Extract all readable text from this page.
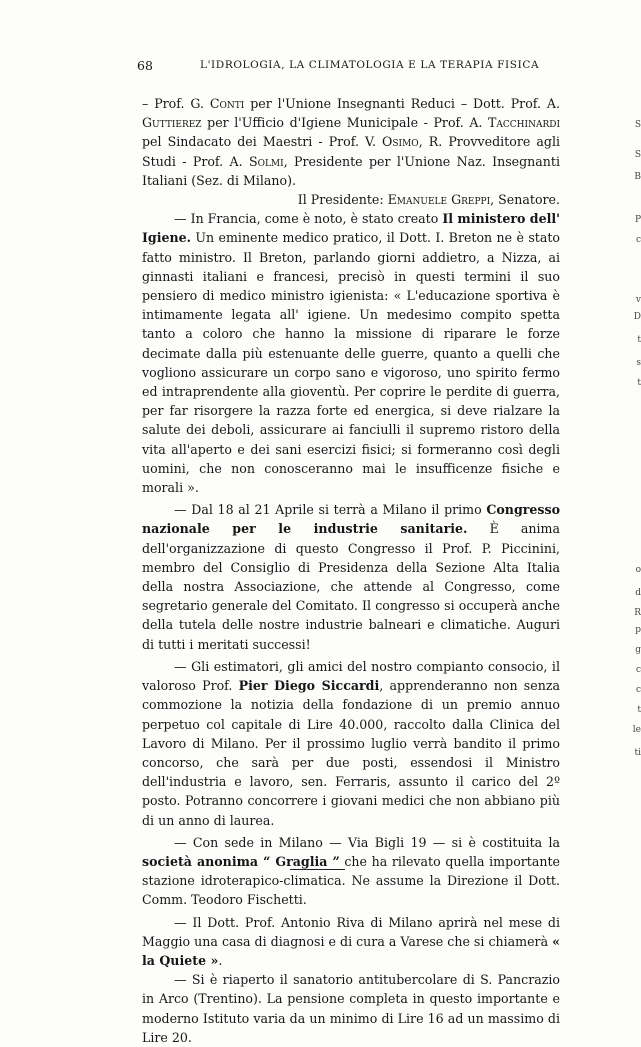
68	L'IDROLOGIA, LA CLIMATOLOGIA E LA TERAPIA FISICA

– Prof. G. Conti per l'Unione Insegnanti Reduci – Dott. Prof. A. Guttierez per l'Ufficio d'Igiene Municipale - Prof. A. Tacchinardi pel Sindacato dei Maestri - Prof. V. Osimo, R. Provveditore agli Studi - Prof. A. Solmi, Presidente per l'Unione Naz. Insegnanti Italiani (Sez. di Milano).

Il Presidente: Emanuele Greppi, Senatore.

— In Francia, come è noto, è stato creato Il ministero dell' Igiene. Un eminente medico pratico, il Dott. I. Breton ne è stato fatto ministro. Il Breton, parlando giorni addietro, a Nizza, ai ginnasti italiani e francesi, precisò in questi termini il suo pensiero di medico ministro igienista: « L'educazione sportiva è intimamente legata all' igiene. Un medesimo compito spetta tanto a coloro che hanno la missione di riparare le forze decimate dalla più estenuante delle guerre, quanto a quelli che vogliono assicurare un corpo sano e vigoroso, uno spirito fermo ed intraprendente alla gioventù. Per coprire le perdite di guerra, per far risorgere la razza forte ed energica, si deve rialzare la salute dei deboli, assicurare ai fanciulli il supremo ristoro della vita all'aperto e dei sani esercizi fisici; si formeranno così degli uomini, che non conosceranno mai le insufficenze fisiche e morali ».

— Dal 18 al 21 Aprile si terrà a Milano il primo Congresso nazionale per le industrie sanitarie. È anima dell'organizzazione di questo Congresso il Prof. P. Piccinini, membro del Consiglio di Presidenza della Sezione Alta Italia della nostra Associazione, che attende al Congresso, come segretario generale del Comitato. Il congresso si occuperà anche della tutela delle nostre industrie balneari e climatiche. Auguri di tutti i meritati successi!

— Gli estimatori, gli amici del nostro compianto consocio, il valoroso Prof. Pier Diego Siccardi, apprenderanno non senza commozione la notizia della fondazione di un premio annuo perpetuo col capitale di Lire 40.000, raccolto dalla Clinica del Lavoro di Milano. Per il prossimo luglio verrà bandito il primo concorso, che sarà per due posti, essendosi il Ministro dell'industria e lavoro, sen. Ferraris, assunto il carico del 2º posto. Potranno concorrere i giovani medici che non abbiano più di un anno di laurea.

— Con sede in Milano — Via Bigli 19 — si è costituita la società anonima “ Graglia ” che ha rilevato quella importante stazione idroterapico-climatica. Ne assume la Direzione il Dott. Comm. Teodoro Fischetti.

— Il Dott. Prof. Antonio Riva di Milano aprirà nel mese di Maggio una casa di diagnosi e di cura a Varese che si chiamerà « la Quiete ».

— Si è riaperto il sanatorio antitubercolare di S. Pancrazio in Arco (Trentino). La pensione completa in questo importante e moderno Istituto varia da un minimo di Lire 16 ad un massimo di Lire 20.

S
S
B
P
c
v
D
t
s
t
o
d
R
p
g
c
c
t
le
ti
